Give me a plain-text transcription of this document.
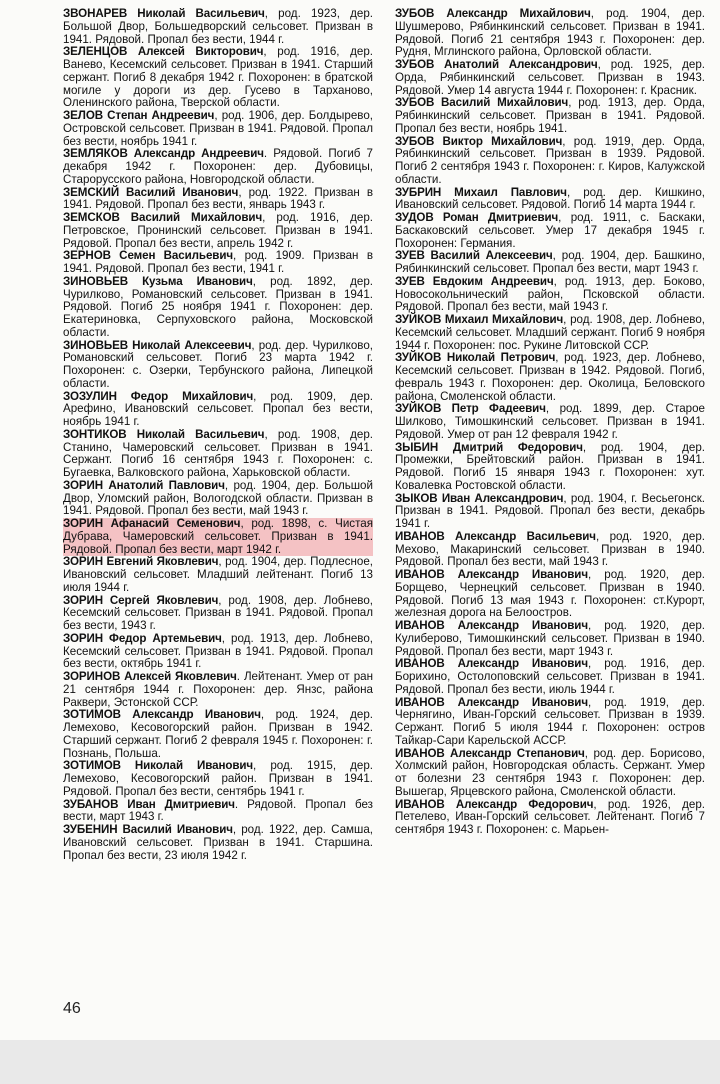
ЗВОНАРЕВ Николай Васильевич, род. 1923, дер. Большой Двор, Большедворский сельсовет. Призван в 1941. Рядовой. Пропал без вести, 1944 г.

ЗЕЛЕНЦОВ Алексей Викторович, род. 1916, дер. Ванево, Кесемский сельсовет. Призван в 1941. Старший сержант. Погиб 8 декабря 1942 г. Похоронен: в братской могиле у дороги из дер. Гусево в Тарханово, Оленинского района, Тверской области.

ЗЕЛОВ Степан Андреевич, род. 1906, дер. Болдырево, Островской сельсовет. Призван в 1941. Рядовой. Пропал без вести, ноябрь 1941 г.

ЗЕМЛЯКОВ Александр Андреевич. Рядовой. Погиб 7 декабря 1942 г. Похоронен: дер. Дубовицы, Старорусского района, Новгородской области.

ЗЕМСКИЙ Василий Иванович, род. 1922. Призван в 1941. Рядовой. Пропал без вести, январь 1943 г.

ЗЕМСКОВ Василий Михайлович, род. 1916, дер. Петровское, Пронинский сельсовет. Призван в 1941. Рядовой. Пропал без вести, апрель 1942 г.

ЗЕРНОВ Семен Васильевич, род. 1909. Призван в 1941. Рядовой. Пропал без вести, 1941 г.

ЗИНОВЬЕВ Кузьма Иванович, род. 1892, дер. Чурилково, Романовский сельсовет. Призван в 1941. Рядовой. Погиб 25 ноября 1941 г. Похоронен: дер. Екатериновка, Серпуховского района, Московской области.

ЗИНОВЬЕВ Николай Алексеевич, род. дер. Чурилково, Романовский сельсовет. Погиб 23 марта 1942 г. Похоронен: с. Озерки, Тербунского района, Липецкой области.

ЗОЗУЛИН Федор Михайлович, род. 1909, дер. Арефино, Ивановский сельсовет. Пропал без вести, ноябрь 1941 г.

ЗОНТИКОВ Николай Васильевич, род. 1908, дер. Станино, Чамеровский сельсовет. Призван в 1941. Сержант. Погиб 16 сентября 1943 г. Похоронен: с. Бугаевка, Валковского района, Харьковской области.

ЗОРИН Анатолий Павлович, род. 1904, дер. Большой Двор, Уломский район, Вологодской области. Призван в 1941. Рядовой. Пропал без вести, май 1943 г.

ЗОРИН Афанасий Семенович, род. 1898, с. Чистая Дубрава, Чамеровский сельсовет. Призван в 1941. Рядовой. Пропал без вести, март 1942 г.

ЗОРИН Евгений Яковлевич, род. 1904, дер. Подлесное, Ивановский сельсовет. Младший лейтенант. Погиб 13 июля 1944 г.

ЗОРИН Сергей Яковлевич, род. 1908, дер. Лобнево, Кесемский сельсовет. Призван в 1941. Рядовой. Пропал без вести, 1943 г.

ЗОРИН Федор Артемьевич, род. 1913, дер. Лобнево, Кесемский сельсовет. Призван в 1941. Рядовой. Пропал без вести, октябрь 1941 г.

ЗОРИНОВ Алексей Яковлевич. Лейтенант. Умер от ран 21 сентября 1944 г. Похоронен: дер. Янзс, района Раквери, Эстонской ССР.

ЗОТИМОВ Александр Иванович, род. 1924, дер. Лемехово, Кесовогорский район. Призван в 1942. Старший сержант. Погиб 2 февраля 1945 г. Похоронен: г. Познань, Польша.

ЗОТИМОВ Николай Иванович, род. 1915, дер. Лемехово, Кесовогорский район. Призван в 1941. Рядовой. Пропал без вести, сентябрь 1941 г.

ЗУБАНОВ Иван Дмитриевич. Рядовой. Пропал без вести, март 1943 г.

ЗУБЕНИН Василий Иванович, род. 1922, дер. Самша, Ивановский сельсовет. Призван в 1941. Старшина. Пропал без вести, 23 июля 1942 г.

ЗУБОВ Александр Михайлович, род. 1904, дер. Шушмерово, Рябинкинский сельсовет. Призван в 1941. Рядовой. Погиб 21 сентября 1943 г. Похоронен: дер. Рудня, Мглинского района, Орловской области.

ЗУБОВ Анатолий Александрович, род. 1925, дер. Орда, Рябинкинский сельсовет. Призван в 1943. Рядовой. Умер 14 августа 1944 г. Похоронен: г. Красник.

ЗУБОВ Василий Михайлович, род. 1913, дер. Орда, Рябинкинский сельсовет. Призван в 1941. Рядовой. Пропал без вести, ноябрь 1941.

ЗУБОВ Виктор Михайлович, род. 1919, дер. Орда, Рябинкинский сельсовет. Призван в 1939. Рядовой. Погиб 2 сентября 1943 г. Похоронен: г. Киров, Калужской области.

ЗУБРИН Михаил Павлович, род. дер. Кишкино, Ивановский сельсовет. Рядовой. Погиб 14 марта 1944 г.

ЗУДОВ Роман Дмитриевич, род. 1911, с. Баскаки, Баскаковский сельсовет. Умер 17 декабря 1945 г. Похоронен: Германия.

ЗУЕВ Василий Алексеевич, род. 1904, дер. Башкино, Рябинкинский сельсовет. Пропал без вести, март 1943 г.

ЗУЕВ Евдоким Андреевич, род. 1913, дер. Боково, Новосокольнический район, Псковской области. Рядовой. Пропал без вести, май 1943 г.

ЗУЙКОВ Михаил Михайлович, род. 1908, дер. Лобнево, Кесемский сельсовет. Младший сержант. Погиб 9 ноября 1944 г. Похоронен: пос. Рукине Литовской ССР.

ЗУЙКОВ Николай Петрович, род. 1923, дер. Лобнево, Кесемский сельсовет. Призван в 1942. Рядовой. Погиб, февраль 1943 г. Похоронен: дер. Околица, Беловского района, Смоленской области.

ЗУЙКОВ Петр Фадеевич, род. 1899, дер. Старое Шилково, Тимошкинский сельсовет. Призван в 1941. Рядовой. Умер от ран 12 февраля 1942 г.

ЗЫБИН Дмитрий Федорович, род. 1904, дер. Промежки, Брейтовский район. Призван в 1941. Рядовой. Погиб 15 января 1943 г. Похоронен: хут. Ковалевка Ростовской области.

ЗЫКОВ Иван Александрович, род. 1904, г. Весьегонск. Призван в 1941. Рядовой. Пропал без вести, декабрь 1941 г.

ИВАНОВ Александр Васильевич, род. 1920, дер. Мехово, Макаринский сельсовет. Призван в 1940. Рядовой. Пропал без вести, май 1943 г.

ИВАНОВ Александр Иванович, род. 1920, дер. Борщево, Чернецкий сельсовет. Призван в 1940. Рядовой. Погиб 13 мая 1943 г. Похоронен: ст.Курорт, железная дорога на Белоостров.

ИВАНОВ Александр Иванович, род. 1920, дер. Кулиберово, Тимошкинский сельсовет. Призван в 1940. Рядовой. Пропал без вести, март 1943 г.

ИВАНОВ Александр Иванович, род. 1916, дер. Борихино, Остолоповский сельсовет. Призван в 1941. Рядовой. Пропал без вести, июль 1944 г.

ИВАНОВ Александр Иванович, род. 1919, дер. Чернягино, Иван-Горский сельсовет. Призван в 1939. Сержант. Погиб 5 июля 1944 г. Похоронен: остров Тайкар-Сари Карельской АССР.

ИВАНОВ Александр Степанович, род. дер. Борисово, Холмский район, Новгородская область. Сержант. Умер от болезни 23 сентября 1943 г. Похоронен: дер. Вышегар, Ярцевского района, Смоленской области.

ИВАНОВ Александр Федорович, род. 1926, дер. Петелево, Иван-Горский сельсовет. Лейтенант. Погиб 7 сентября 1943 г. Похоронен: с. Марьен-

46
